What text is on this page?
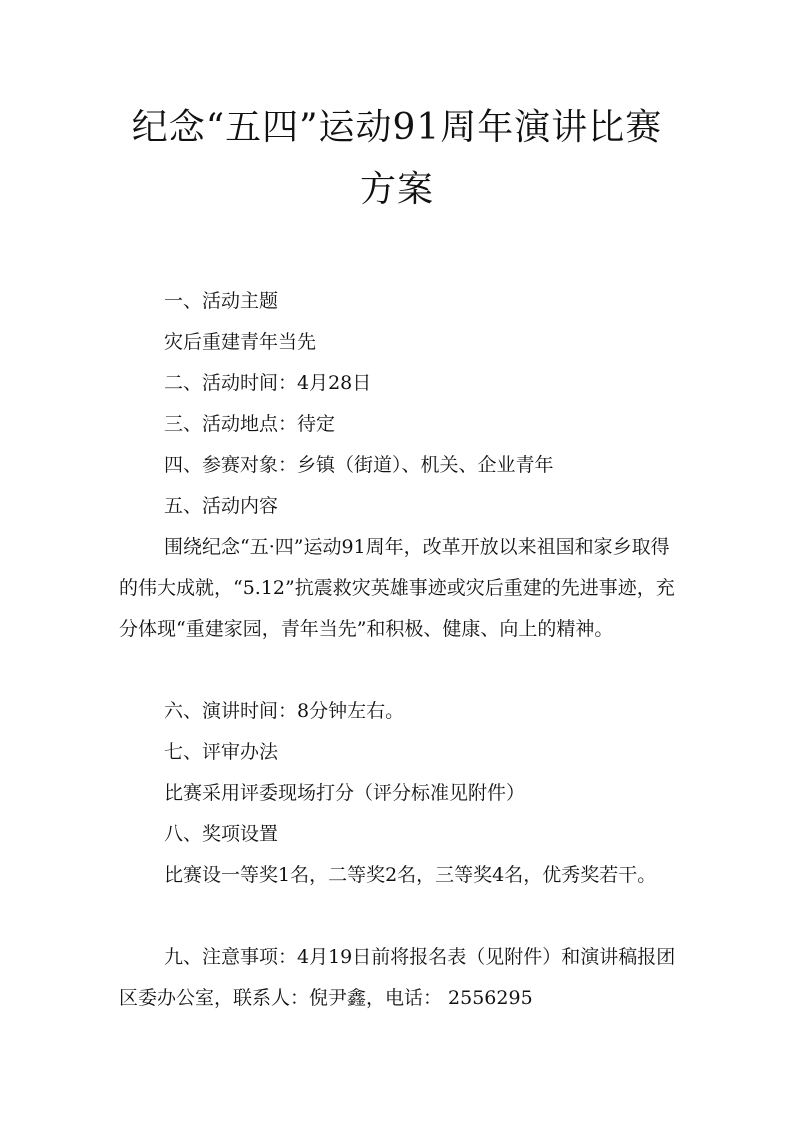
纪念“五四”运动91周年演讲比赛
方案

一、活动主题

灾后重建青年当先

二、活动时间：4月28日

三、活动地点：待定

四、参赛对象：乡镇（街道）、机关、企业青年

五、活动内容

围绕纪念“五·四”运动91周年，改革开放以来祖国和家乡取得的伟大成就，“5.12”抗震救灾英雄事迹或灾后重建的先进事迹，充分体现“重建家园，青年当先”和积极、健康、向上的精神。

六、演讲时间：8分钟左右。

七、评审办法

比赛采用评委现场打分（评分标准见附件）

八、奖项设置

比赛设一等奖1名，二等奖2名，三等奖4名，优秀奖若干。

九、注意事项：4月19日前将报名表（见附件）和演讲稿报团区委办公室，联系人：倪尹鑫，电话： 2556295
